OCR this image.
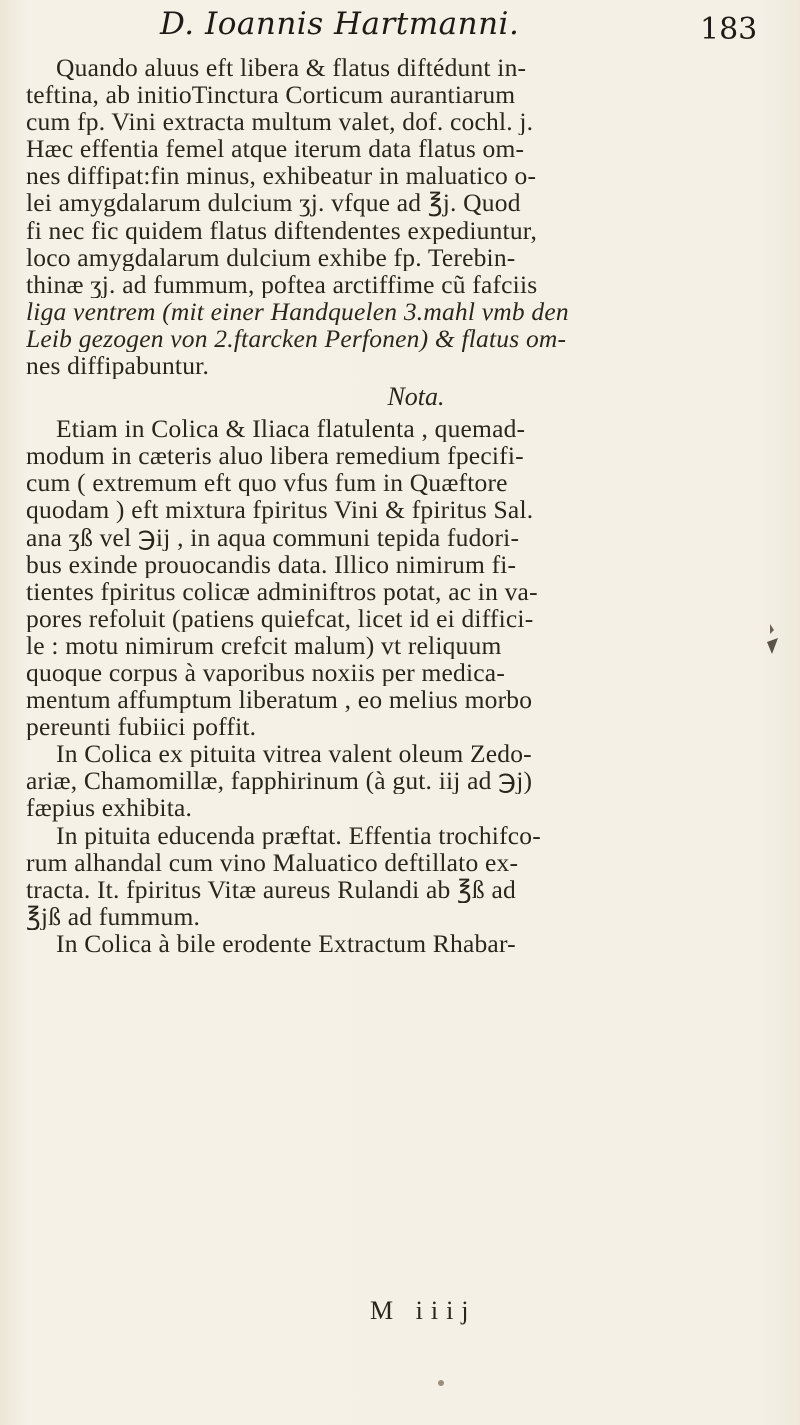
D. Ioannis Hartmanni.	183
Quando aluus eft libera & flatus diftédunt in-
teftina, ab initioTinctura Corticum aurantiarum
cum fp. Vini extracta multum valet, dof. cochl. j.
Hæc effentia femel atque iterum data flatus om-
nes diffipat:fin minus, exhibeatur in maluatico o-
lei amygdalarum dulcium ʒj. vfque ad ℥j. Quod
fi nec fic quidem flatus diftendentes expediuntur,
loco amygdalarum dulcium exhibe fp. Terebin-
thinæ ʒj. ad fummum, poftea arctiffime cũ fafciis
liga ventrem (mit einer Handquelen 3.mahl vmb den
Leib gezogen von 2.ftarcken Perfonen) & flatus om-
nes diffipabuntur.
Nota.
Etiam in Colica & Iliaca flatulenta , quemad-
modum in cæteris aluo libera remedium fpecifi-
cum ( extremum eft quo vfus fum in Quæftore
quodam ) eft mixtura fpiritus Vini & fpiritus Sal.
ana ʒß vel ℈ij , in aqua communi tepida fudori-
bus exinde prouocandis data. Illico nimirum fi-
tientes fpiritus colicæ adminiftros potat, ac in va-
pores refoluit (patiens quiefcat, licet id ei diffici-
le : motu nimirum crefcit malum) vt reliquum
quoque corpus à vaporibus noxiis per medica-
mentum affumptum liberatum , eo melius morbo
pereunti fubiici poffit.
In Colica ex pituita vitrea valent oleum Zedo-
ariæ, Chamomillæ, fapphirinum (à gut. iij ad ℈j)
fæpius exhibita.
In pituita educenda præftat. Effentia trochifco-
rum alhandal cum vino Maluatico deftillato ex-
tracta. It. fpiritus Vitæ aureus Rulandi ab ℥ß ad
℥jß ad fummum.
In Colica à bile erodente Extractum Rhabar-
M iiij
